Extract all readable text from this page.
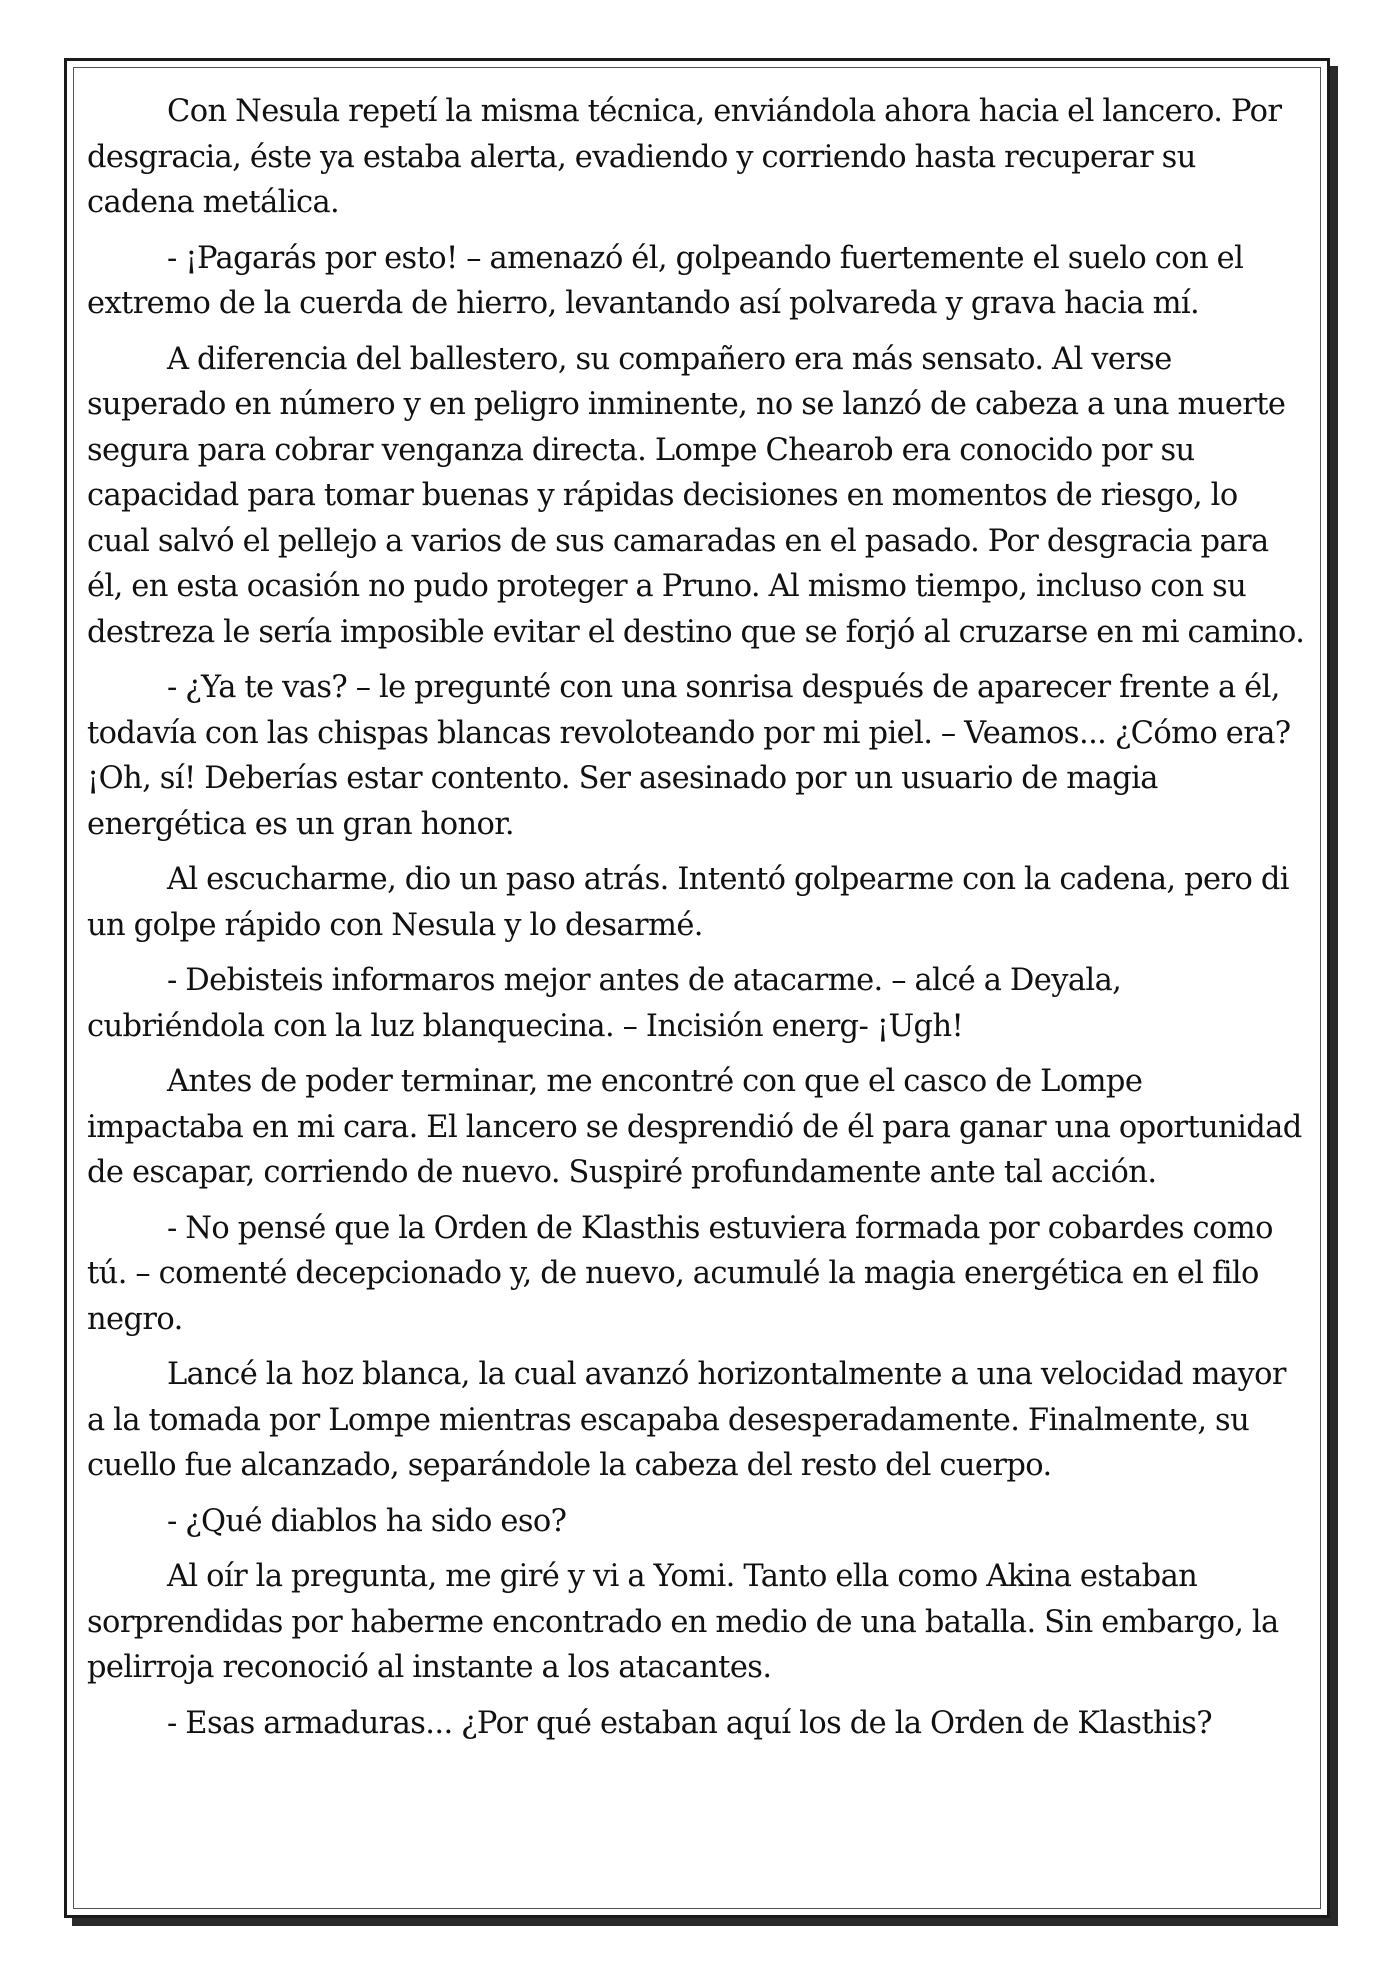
Con Nesula repetí la misma técnica, enviándola ahora hacia el lancero. Por desgracia, éste ya estaba alerta, evadiendo y corriendo hasta recuperar su cadena metálica.

- ¡Pagarás por esto! – amenazó él, golpeando fuertemente el suelo con el extremo de la cuerda de hierro, levantando así polvareda y grava hacia mí.

A diferencia del ballestero, su compañero era más sensato. Al verse superado en número y en peligro inminente, no se lanzó de cabeza a una muerte segura para cobrar venganza directa. Lompe Chearob era conocido por su capacidad para tomar buenas y rápidas decisiones en momentos de riesgo, lo cual salvó el pellejo a varios de sus camaradas en el pasado. Por desgracia para él, en esta ocasión no pudo proteger a Pruno. Al mismo tiempo, incluso con su destreza le sería imposible evitar el destino que se forjó al cruzarse en mi camino.

- ¿Ya te vas? – le pregunté con una sonrisa después de aparecer frente a él, todavía con las chispas blancas revoloteando por mi piel. – Veamos... ¿Cómo era? ¡Oh, sí! Deberías estar contento. Ser asesinado por un usuario de magia energética es un gran honor.

Al escucharme, dio un paso atrás. Intentó golpearme con la cadena, pero di un golpe rápido con Nesula y lo desarmé.

- Debisteis informaros mejor antes de atacarme. – alcé a Deyala, cubriéndola con la luz blanquecina. – Incisión energ- ¡Ugh!

Antes de poder terminar, me encontré con que el casco de Lompe impactaba en mi cara. El lancero se desprendió de él para ganar una oportunidad de escapar, corriendo de nuevo. Suspiré profundamente ante tal acción.

- No pensé que la Orden de Klasthis estuviera formada por cobardes como tú. – comenté decepcionado y, de nuevo, acumulé la magia energética en el filo negro.

Lancé la hoz blanca, la cual avanzó horizontalmente a una velocidad mayor a la tomada por Lompe mientras escapaba desesperadamente. Finalmente, su cuello fue alcanzado, separándole la cabeza del resto del cuerpo.

- ¿Qué diablos ha sido eso?

Al oír la pregunta, me giré y vi a Yomi. Tanto ella como Akina estaban sorprendidas por haberme encontrado en medio de una batalla. Sin embargo, la pelirroja reconoció al instante a los atacantes.

- Esas armaduras... ¿Por qué estaban aquí los de la Orden de Klasthis?
